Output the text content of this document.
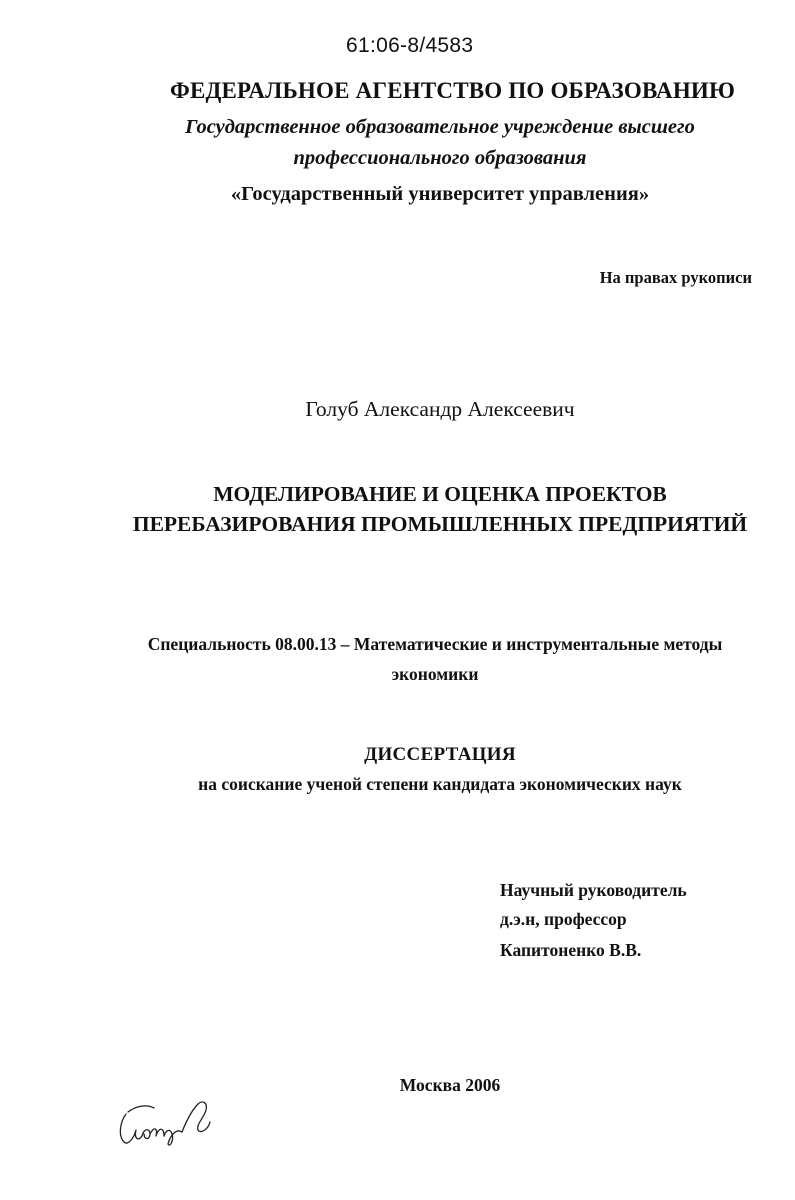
61:06-8/4583
ФЕДЕРАЛЬНОЕ АГЕНТСТВО ПО ОБРАЗОВАНИЮ
Государственное образовательное учреждение высшего
профессионального образования
«Государственный университет управления»
На правах рукописи
Голуб Александр Алексеевич
МОДЕЛИРОВАНИЕ И ОЦЕНКА ПРОЕКТОВ
ПЕРЕБАЗИРОВАНИЯ ПРОМЫШЛЕННЫХ ПРЕДПРИЯТИЙ
Специальность 08.00.13 – Математические и инструментальные методы
экономики
ДИССЕРТАЦИЯ
на соискание ученой степени кандидата экономических наук
Научный руководитель
д.э.н, профессор
Капитоненко В.В.
Москва 2006
